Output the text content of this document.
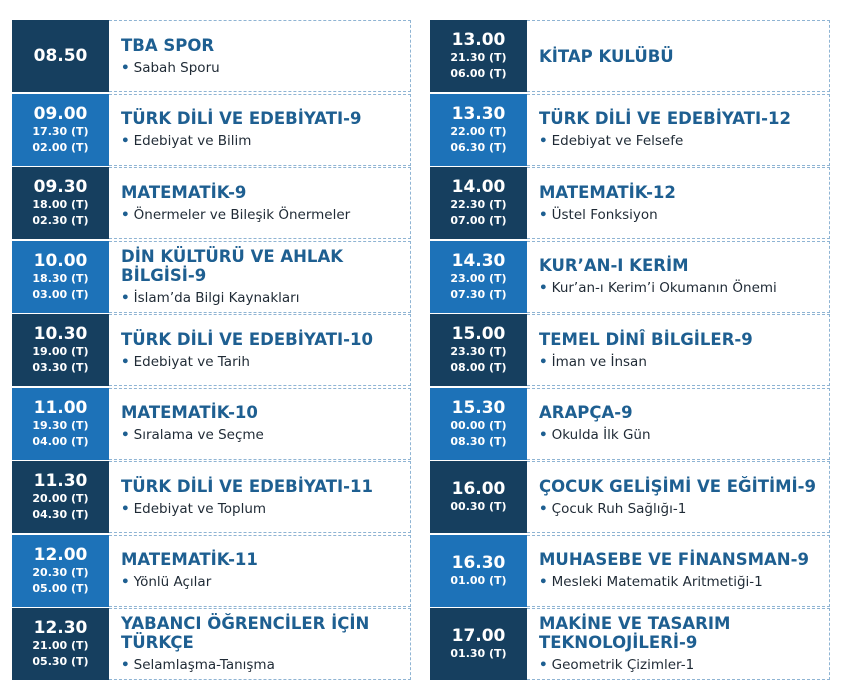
08.50
TBA SPOR
• Sabah Sporu
09.00
17.30 (T)
02.00 (T)
TÜRK DİLİ VE EDEBİYATI-9
• Edebiyat ve Bilim
09.30
18.00 (T)
02.30 (T)
MATEMATİK-9
• Önermeler ve Bileşik Önermeler
10.00
18.30 (T)
03.00 (T)
DİN KÜLTÜRÜ VE AHLAK BİLGİSİ-9
• İslam’da Bilgi Kaynakları
10.30
19.00 (T)
03.30 (T)
TÜRK DİLİ VE EDEBİYATI-10
• Edebiyat ve Tarih
11.00
19.30 (T)
04.00 (T)
MATEMATİK-10
• Sıralama ve Seçme
11.30
20.00 (T)
04.30 (T)
TÜRK DİLİ VE EDEBİYATI-11
• Edebiyat ve Toplum
12.00
20.30 (T)
05.00 (T)
MATEMATİK-11
• Yönlü Açılar
12.30
21.00 (T)
05.30 (T)
YABANCI ÖĞRENCİLER İÇİN TÜRKÇE
• Selamlaşma-Tanışma
13.00
21.30 (T)
06.00 (T)
KİTAP KULÜBÜ
13.30
22.00 (T)
06.30 (T)
TÜRK DİLİ VE EDEBİYATI-12
• Edebiyat ve Felsefe
14.00
22.30 (T)
07.00 (T)
MATEMATİK-12
• Üstel Fonksiyon
14.30
23.00 (T)
07.30 (T)
KUR’AN-I KERİM
• Kur’an-ı Kerim’i Okumanın Önemi
15.00
23.30 (T)
08.00 (T)
TEMEL DİNÎ BİLGİLER-9
• İman ve İnsan
15.30
00.00 (T)
08.30 (T)
ARAPÇA-9
• Okulda İlk Gün
16.00
00.30 (T)
ÇOCUK GELİŞİMİ VE EĞİTİMİ-9
• Çocuk Ruh Sağlığı-1
16.30
01.00 (T)
MUHASEBE VE FİNANSMAN-9
• Mesleki Matematik Aritmetiği-1
17.00
01.30 (T)
MAKİNE VE TASARIM TEKNOLOJİLERİ-9
• Geometrik Çizimler-1
